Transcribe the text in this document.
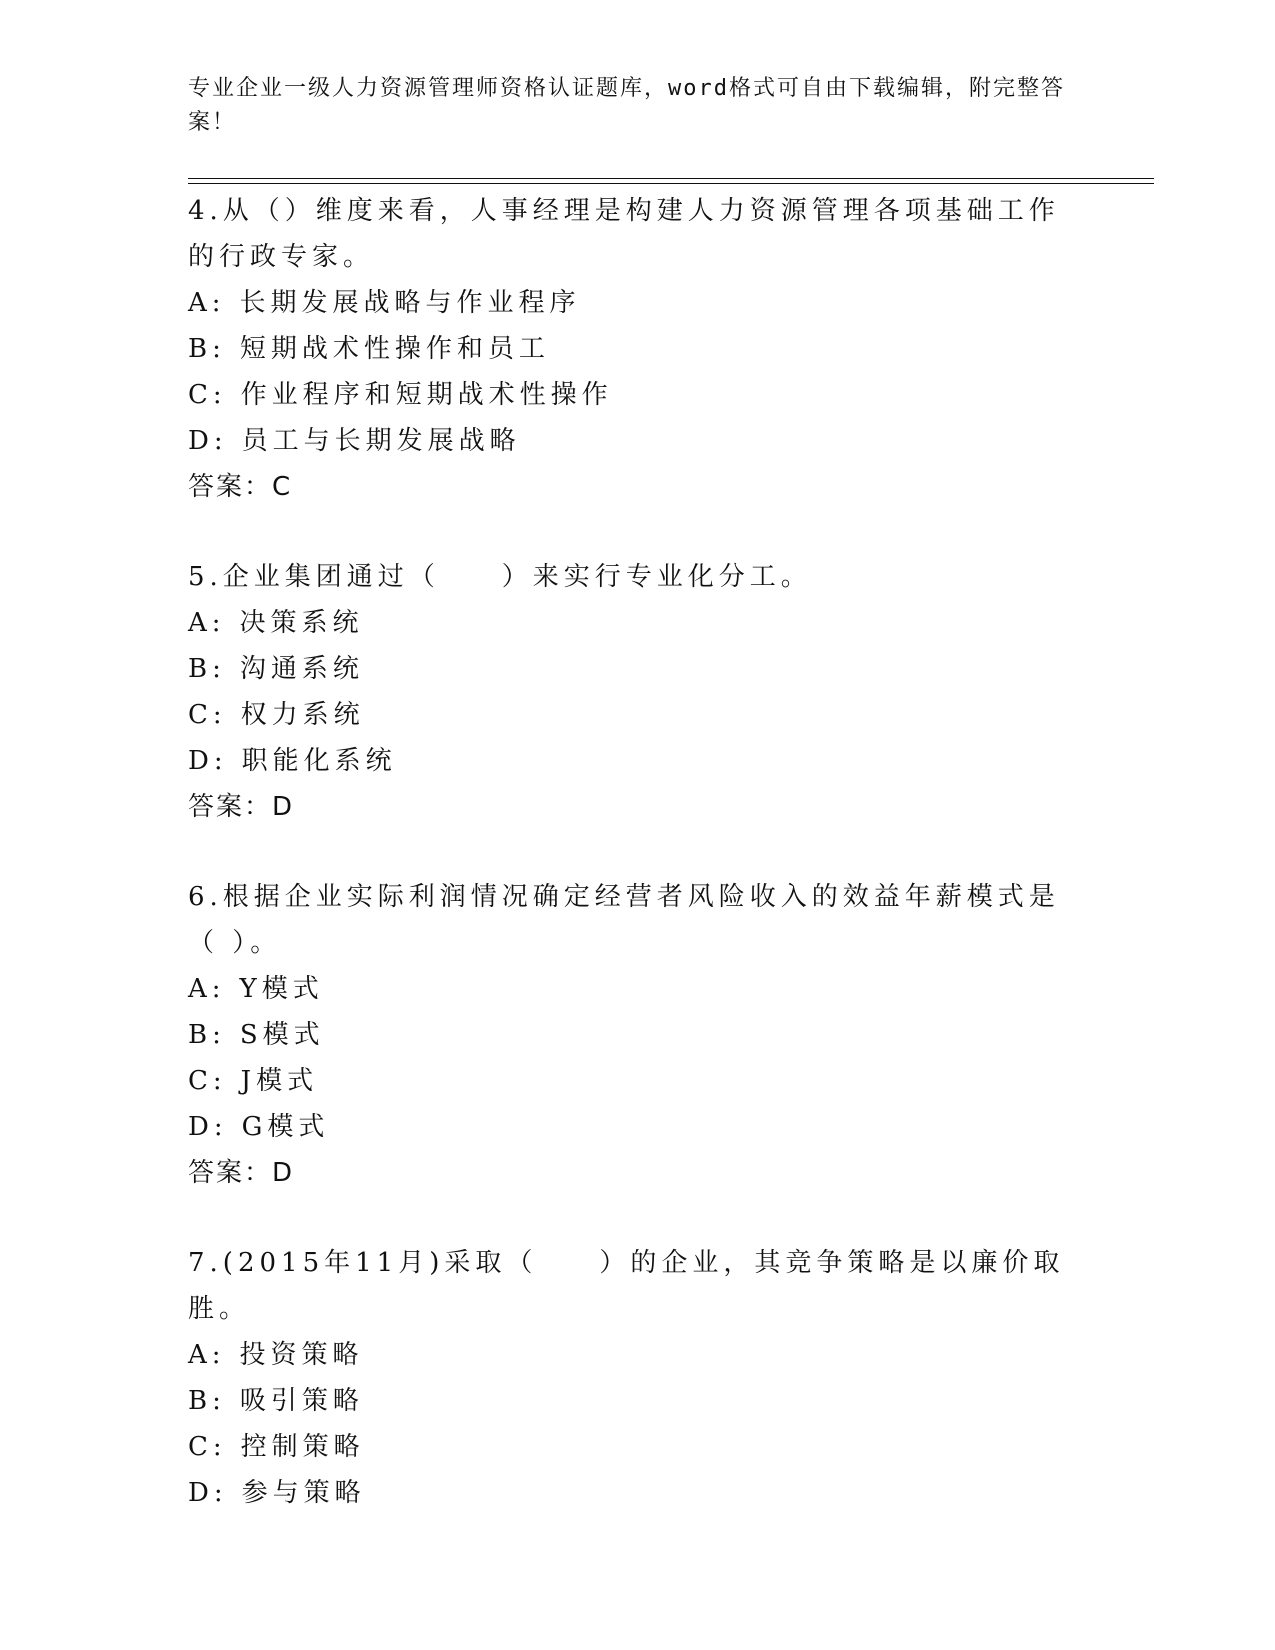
专业企业一级人力资源管理师资格认证题库，word格式可自由下载编辑，附完整答案！

4.从（）维度来看，人事经理是构建人力资源管理各项基础工作的行政专家。

A: 长期发展战略与作业程序

B: 短期战术性操作和员工

C: 作业程序和短期战术性操作

D: 员工与长期发展战略

答案：C

5.企业集团通过（　　）来实行专业化分工。

A: 决策系统

B: 沟通系统

C: 权力系统

D: 职能化系统

答案：D

6.根据企业实际利润情况确定经营者风险收入的效益年薪模式是（ ）。

A: Y模式

B: S模式

C: J模式

D: G模式

答案：D

7.(2015年11月)采取（　　）的企业，其竞争策略是以廉价取胜。

A: 投资策略

B: 吸引策略

C: 控制策略

D: 参与策略
